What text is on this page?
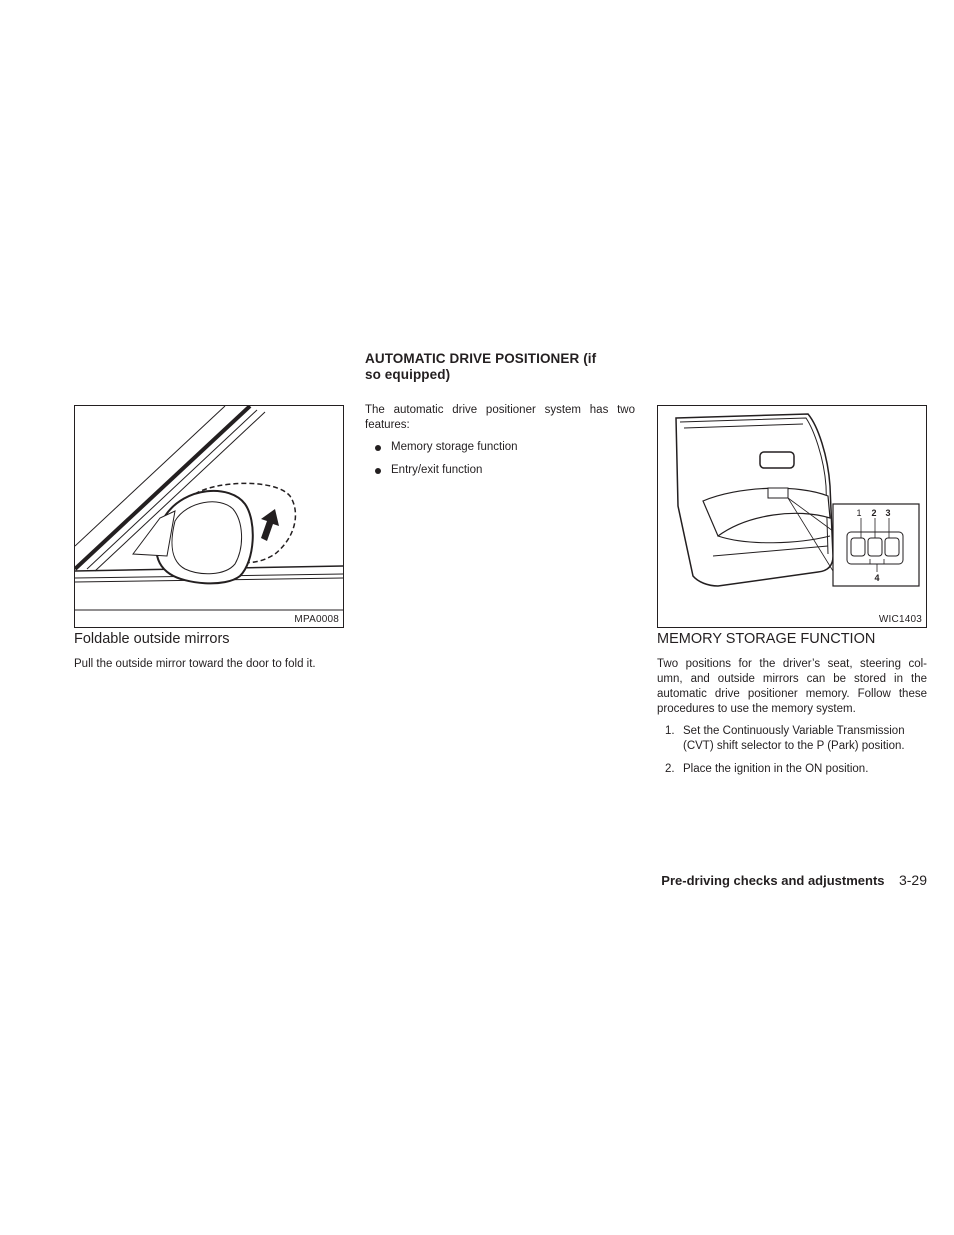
MPA0008
Foldable outside mirrors
Pull the outside mirror toward the door to fold it.
AUTOMATIC DRIVE POSITIONER (if
so equipped)
The automatic drive positioner system has two
features:
Memory storage function
Entry/exit function
1 2 3
4
WIC1403
MEMORY STORAGE FUNCTION
Two positions for the driver’s seat, steering col-
umn, and outside mirrors can be stored in the
automatic drive positioner memory. Follow these
procedures to use the memory system.
1. Set the Continuously Variable Transmission
(CVT) shift selector to the P (Park) position.
2. Place the ignition in the ON position.
Pre-driving checks and adjustments 3-29
